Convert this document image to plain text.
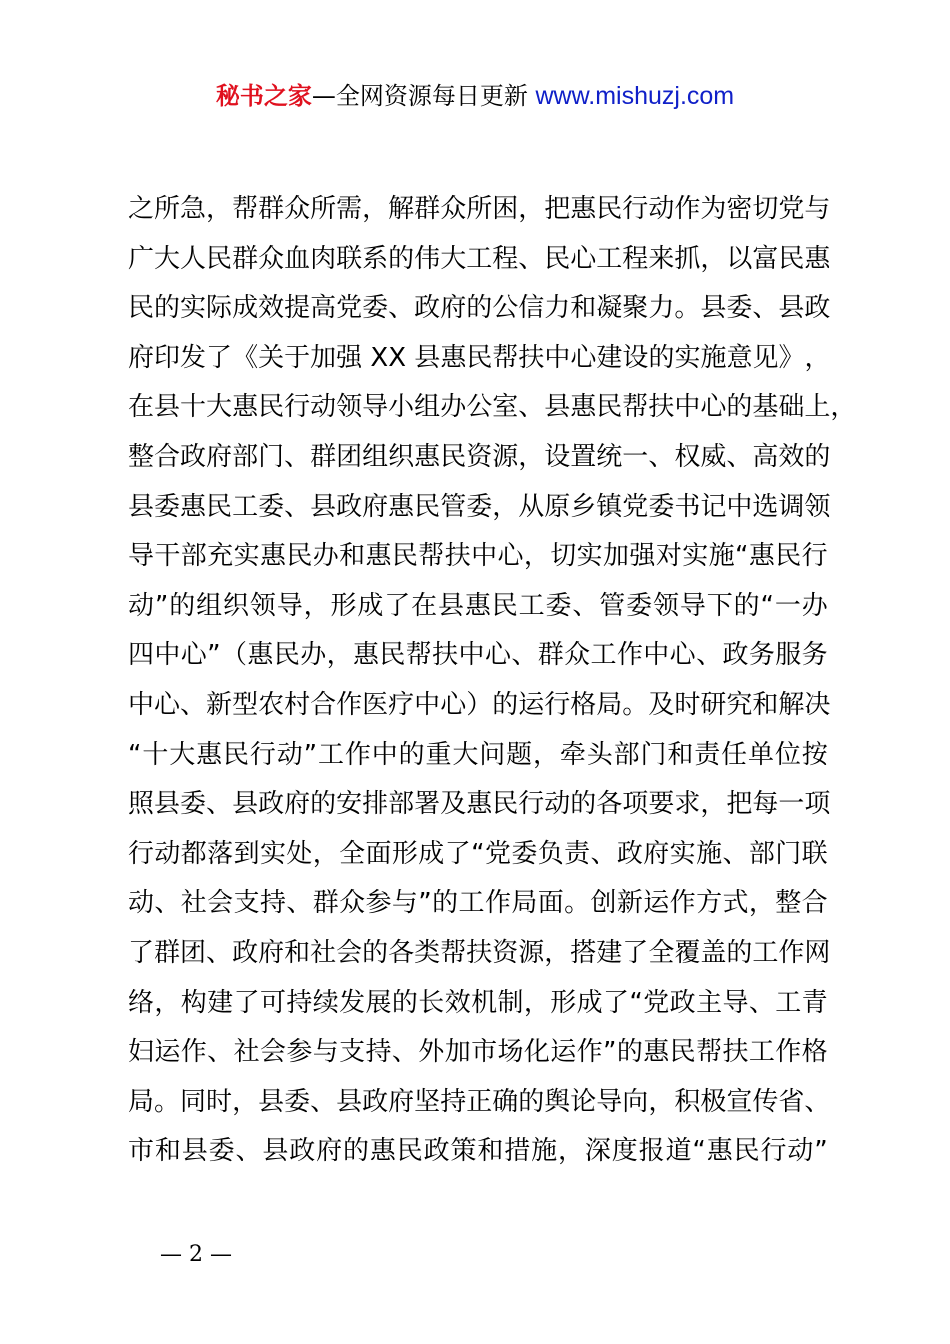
秘书之家—全网资源每日更新 www.mishuzj.com
之 所 急 ， 帮 群 众 所 需 ， 解 群 众 所 困 ， 把 惠 民 行 动 作 为 密 切 党 与
广 大 人 民 群 众 血 肉 联 系 的 伟 大 工 程 、 民 心 工 程 来 抓 ， 以 富 民 惠
民 的 实 际 成 效 提 高 党 委 、 政 府 的 公 信 力 和 凝 聚 力 。 县 委 、 县 政
府 印 发 了 《 关 于 加 强
X X
县 惠 民 帮 扶 中 心 建 设 的 实 施 意 见 》 ，
在 县 十 大 惠 民 行 动 领 导 小 组 办 公 室 、 县 惠 民 帮 扶 中 心 的 基 础 上 ，
整 合 政 府 部 门 、 群 团 组 织 惠 民 资 源 ， 设 置 统 一 、 权 威 、 高 效 的
县 委 惠 民 工 委 、 县 政 府 惠 民 管 委 ， 从 原 乡 镇 党 委 书 记 中 选 调 领
导 干 部 充 实 惠 民 办 和 惠 民 帮 扶 中 心 ， 切 实 加 强 对 实 施 “ 惠 民 行
动 ” 的 组 织 领 导 ， 形 成 了 在 县 惠 民 工 委 、 管 委 领 导 下 的 “ 一 办
四 中 心 ” （ 惠 民 办 ， 惠 民 帮 扶 中 心 、 群 众 工 作 中 心 、 政 务 服 务
中 心 、 新 型 农 村 合 作 医 疗 中 心 ） 的 运 行 格 局 。 及 时 研 究 和 解 决
“ 十 大 惠 民 行 动 ” 工 作 中 的 重 大 问 题 ， 牵 头 部 门 和 责 任 单 位 按
照 县 委 、 县 政 府 的 安 排 部 署 及 惠 民 行 动 的 各 项 要 求 ， 把 每 一 项
行 动 都 落 到 实 处 ， 全 面 形 成 了 “ 党 委 负 责 、 政 府 实 施 、 部 门 联
动 、 社 会 支 持 、 群 众 参 与 ” 的 工 作 局 面 。 创 新 运 作 方 式 ， 整 合
了 群 团 、 政 府 和 社 会 的 各 类 帮 扶 资 源 ， 搭 建 了 全 覆 盖 的 工 作 网
络 ， 构 建 了 可 持 续 发 展 的 长 效 机 制 ， 形 成 了 “ 党 政 主 导 、 工 青
妇 运 作 、 社 会 参 与 支 持 、 外 加 市 场 化 运 作 ” 的 惠 民 帮 扶 工 作 格
局 。 同 时 ， 县 委 、 县 政 府 坚 持 正 确 的 舆 论 导 向 ， 积 极 宣 传 省 、
市 和 县 委 、 县 政 府 的 惠 民 政 策 和 措 施 ， 深 度 报 道 “ 惠 民 行 动 ”
— 2 —
